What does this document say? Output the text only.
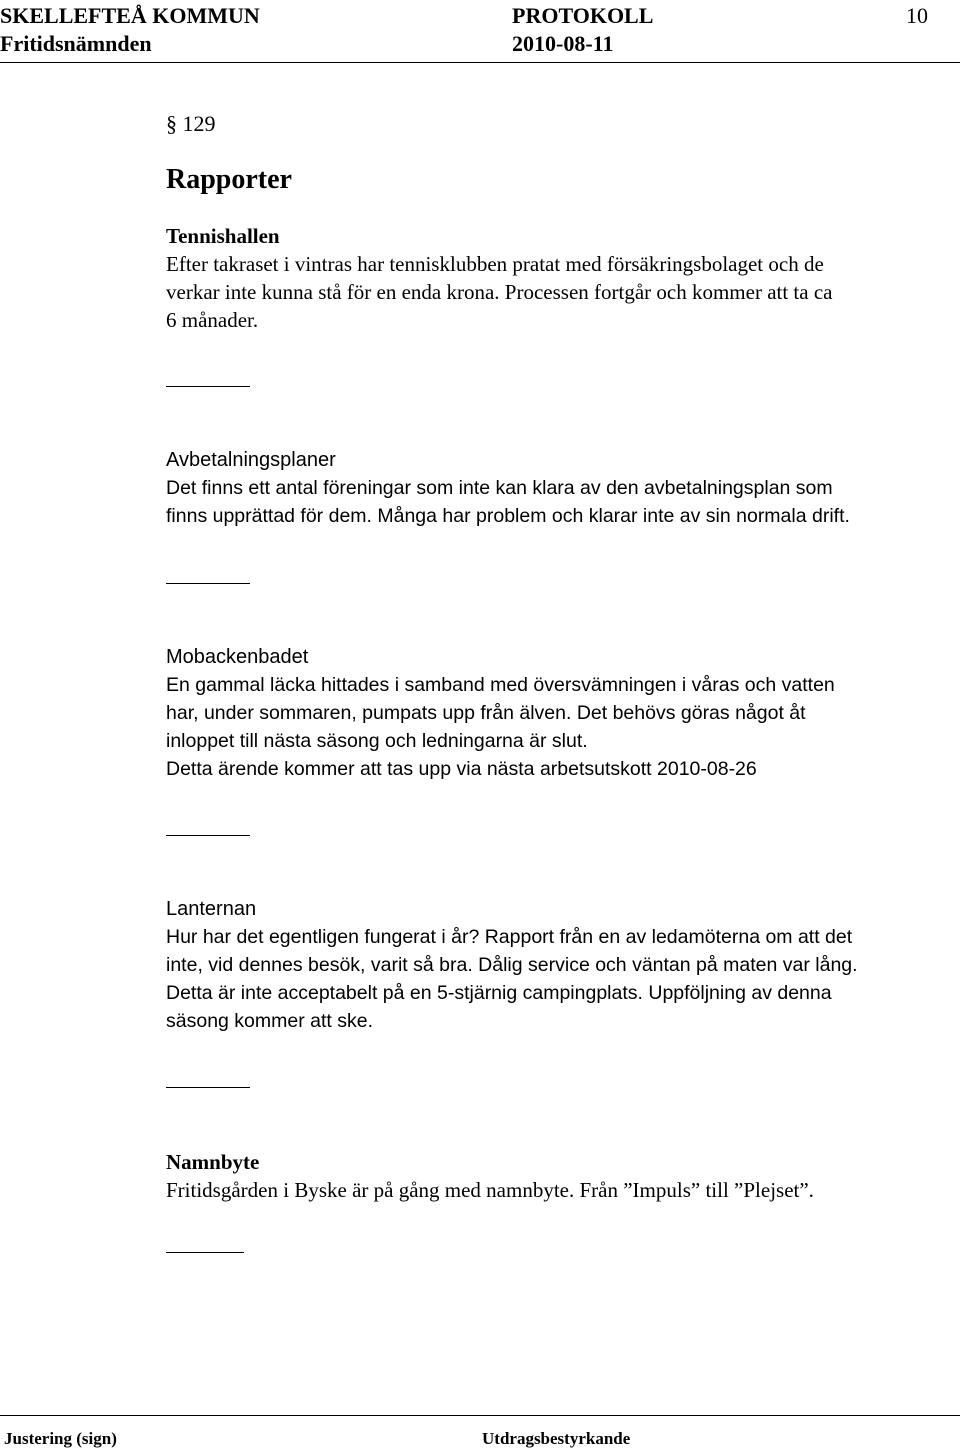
SKELLEFTEÅ KOMMUN	PROTOKOLL	10
Fritidsnämnden	2010-08-11
§ 129
Rapporter

Tennishallen

Efter takraset i vintras har tennisklubben pratat med försäkringsbolaget och de

verkar inte kunna stå för en enda krona. Processen fortgår och kommer att ta ca

6 månader.

Avbetalningsplaner

Det finns ett antal föreningar som inte kan klara av den avbetalningsplan som

finns upprättad för dem. Många har problem och klarar inte av sin normala drift.

Mobackenbadet

En gammal läcka hittades i samband med översvämningen i våras och vatten

har, under sommaren, pumpats upp från älven. Det behövs göras något åt

inloppet till nästa säsong och ledningarna är slut.

Detta ärende kommer att tas upp via nästa arbetsutskott 2010-08-26

Lanternan

Hur har det egentligen fungerat i år? Rapport från en av ledamöterna om att det

inte, vid dennes besök, varit så bra. Dålig service och väntan på maten var lång.

Detta är inte acceptabelt på en 5-stjärnig campingplats. Uppföljning av denna

säsong kommer att ske.

Namnbyte

Fritidsgården i Byske är på gång med namnbyte. Från ”Impuls” till ”Plejset”.

Justering (sign)	Utdragsbestyrkande
